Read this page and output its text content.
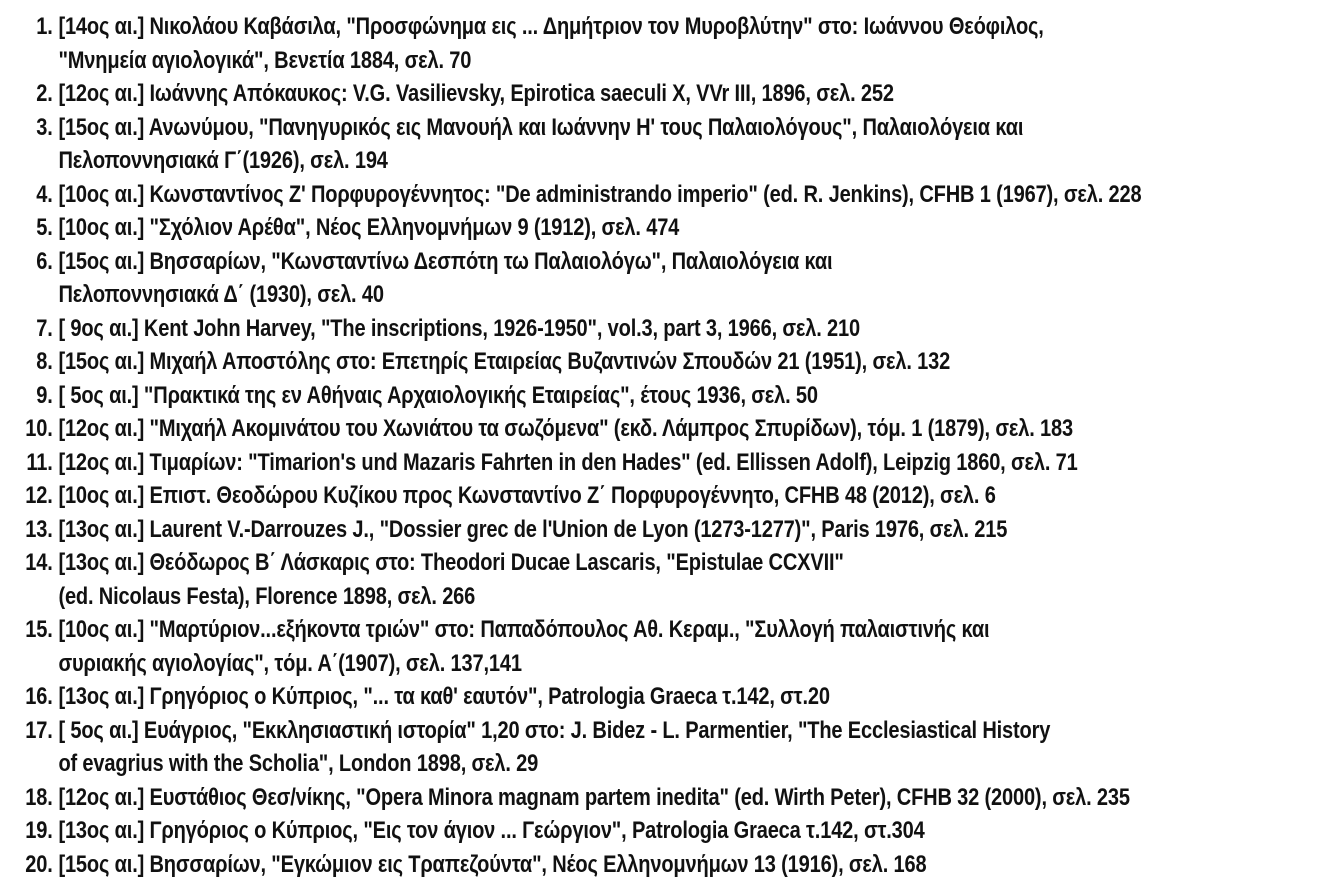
1. [14ος αι.] Νικολάου Καβάσιλα, "Προσφώνημα εις ... Δημήτριον τον Μυροβλύτην" στο: Ιωάννου Θεόφιλος,
"Μνημεία αγιολογικά", Βενετία 1884, σελ. 70
2. [12ος αι.] Ιωάννης Απόκαυκος: V.G. Vasilievsky, Epirotica saeculi X, VVr III, 1896, σελ. 252
3. [15ος αι.] Ανωνύμου, "Πανηγυρικός εις Μανουήλ και Ιωάννην Η' τους Παλαιολόγους", Παλαιολόγεια και
Πελοποννησιακά Γ΄(1926), σελ. 194
4. [10ος αι.] Κωνσταντίνος Ζ' Πορφυρογέννητος: "De administrando imperio" (ed. R. Jenkins), CFHB 1 (1967), σελ. 228
5. [10ος αι.] "Σχόλιον Αρέθα", Νέος Ελληνομνήμων 9 (1912), σελ. 474
6. [15ος αι.] Βησσαρίων, "Κωνσταντίνω Δεσπότη τω Παλαιολόγω", Παλαιολόγεια και
Πελοποννησιακά Δ΄ (1930), σελ. 40
7. [ 9ος αι.] Kent John Harvey, "The inscriptions, 1926-1950", vol.3, part 3, 1966, σελ. 210
8. [15ος αι.] Μιχαήλ Αποστόλης στο: Επετηρίς Εταιρείας Βυζαντινών Σπουδών 21 (1951), σελ. 132
9. [ 5ος αι.] "Πρακτικά της εν Αθήναις Αρχαιολογικής Εταιρείας", έτους 1936, σελ. 50
10. [12ος αι.] "Μιχαήλ Ακομινάτου του Χωνιάτου τα σωζόμενα" (εκδ. Λάμπρος Σπυρίδων), τόμ. 1 (1879), σελ. 183
11. [12ος αι.] Τιμαρίων: "Timarion's und Mazaris Fahrten in den Hades" (ed. Ellissen Adolf), Leipzig 1860, σελ. 71
12. [10ος αι.] Επιστ. Θεοδώρου Κυζίκου προς Κωνσταντίνο Ζ΄ Πορφυρογέννητο, CFHB 48 (2012), σελ. 6
13. [13ος αι.] Laurent V.-Darrouzes J., "Dossier grec de l'Union de Lyon (1273-1277)", Paris 1976, σελ. 215
14. [13ος αι.] Θεόδωρος Β΄ Λάσκαρις στο: Theodori Ducae Lascaris, "Epistulae CCXVII"
(ed. Nicolaus Festa), Florence 1898, σελ. 266
15. [10ος αι.] "Μαρτύριον...εξήκοντα τριών" στο: Παπαδόπουλος Αθ. Κεραμ., "Συλλογή παλαιστινής και
συριακής αγιολογίας", τόμ. Α΄(1907), σελ. 137,141
16. [13ος αι.] Γρηγόριος ο Κύπριος, "... τα καθ' εαυτόν", Patrologia Graeca τ.142, στ.20
17. [ 5ος αι.] Ευάγριος, "Εκκλησιαστική ιστορία" 1,20 στο: J. Bidez - L. Parmentier, "The Ecclesiastical History
of evagrius with the Scholia", London 1898, σελ. 29
18. [12ος αι.] Ευστάθιος Θεσ/νίκης, "Opera Minora magnam partem inedita" (ed. Wirth Peter), CFHB 32 (2000), σελ. 235
19. [13ος αι.] Γρηγόριος ο Κύπριος, "Εις τον άγιον ... Γεώργιον", Patrologia Graeca τ.142, στ.304
20. [15ος αι.] Βησσαρίων, "Εγκώμιον εις Τραπεζούντα", Νέος Ελληνομνήμων 13 (1916), σελ. 168
